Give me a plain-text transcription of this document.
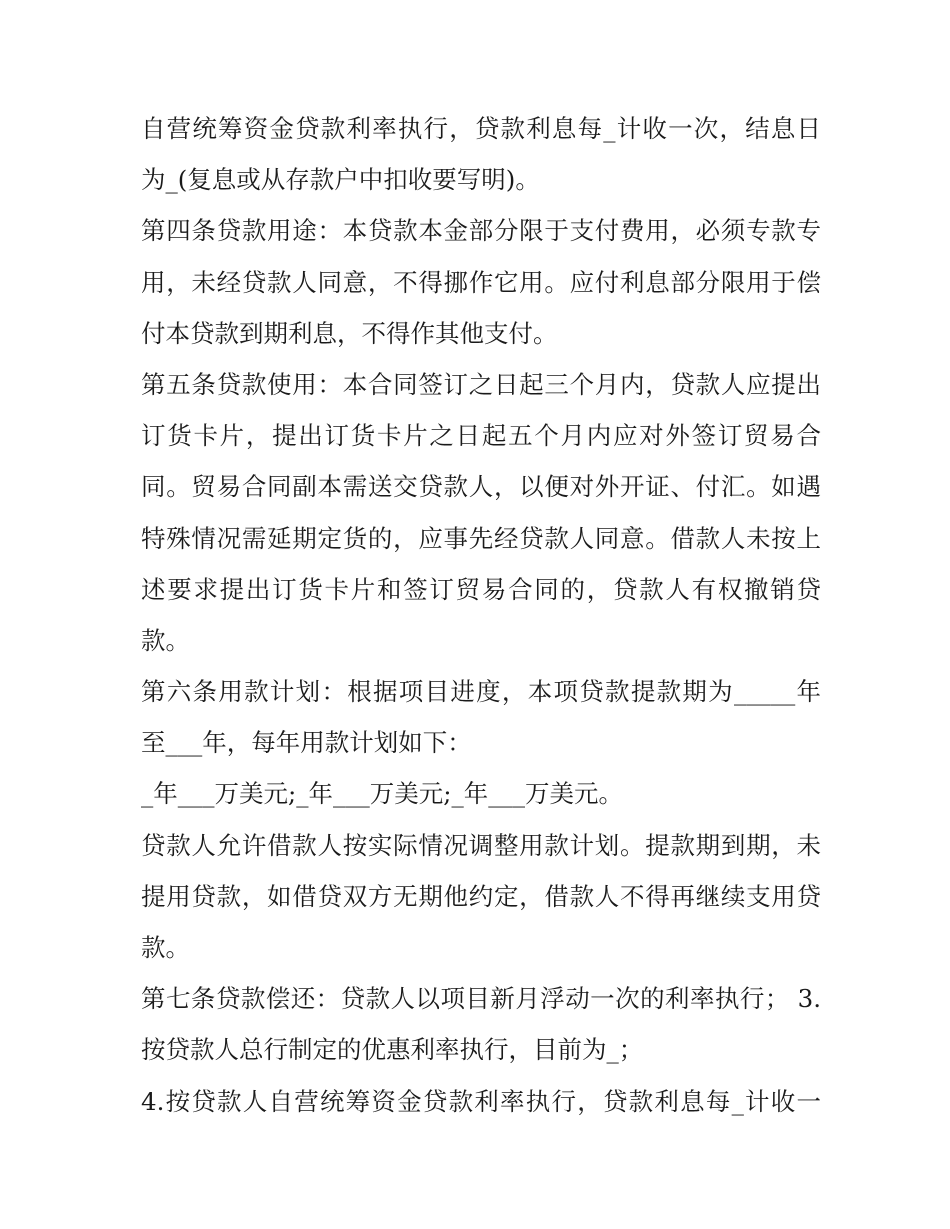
自营统筹资金贷款利率执行，贷款利息每_计收一次，结息日
为_(复息或从存款户中扣收要写明)。
第四条贷款用途：本贷款本金部分限于支付费用，必须专款专
用，未经贷款人同意，不得挪作它用。应付利息部分限用于偿
付本贷款到期利息，不得作其他支付。
第五条贷款使用：本合同签订之日起三个月内，贷款人应提出
订货卡片，提出订货卡片之日起五个月内应对外签订贸易合
同。贸易合同副本需送交贷款人，以便对外开证、付汇。如遇
特殊情况需延期定货的，应事先经贷款人同意。借款人未按上
述要求提出订货卡片和签订贸易合同的，贷款人有权撤销贷
款。
第六条用款计划：根据项目进度，本项贷款提款期为_____年
至___年，每年用款计划如下：
_年___万美元;_年___万美元;_年___万美元。
贷款人允许借款人按实际情况调整用款计划。提款期到期，未
提用贷款，如借贷双方无期他约定，借款人不得再继续支用贷
款。
第七条贷款偿还：贷款人以项目新月浮动一次的利率执行； 3.
按贷款人总行制定的优惠利率执行，目前为_；
4.按贷款人自营统筹资金贷款利率执行，贷款利息每_计收一
